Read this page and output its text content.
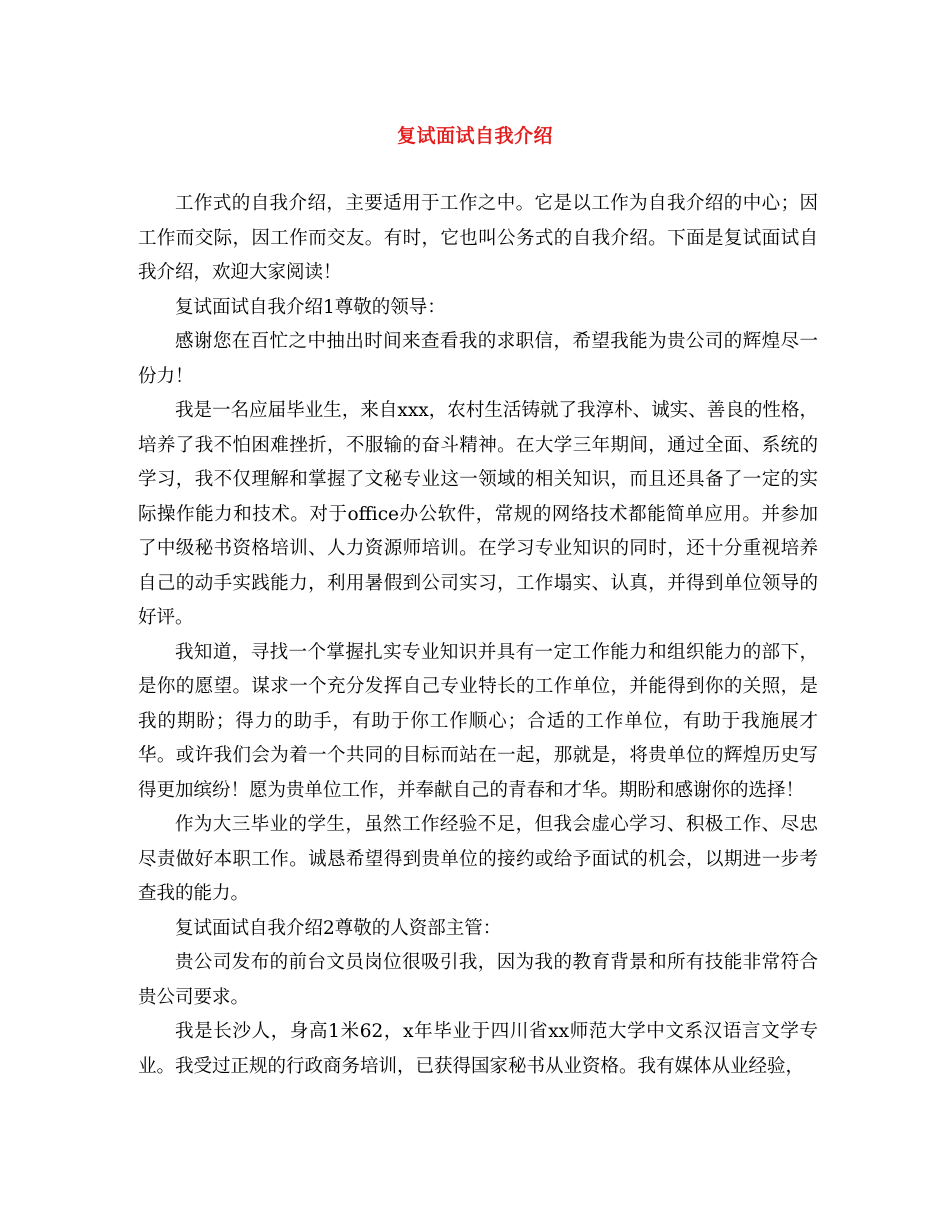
复试面试自我介绍

工作式的自我介绍，主要适用于工作之中。它是以工作为自我介绍的中心；因工作而交际，因工作而交友。有时，它也叫公务式的自我介绍。下面是复试面试自我介绍，欢迎大家阅读！

复试面试自我介绍1尊敬的领导：

感谢您在百忙之中抽出时间来查看我的求职信，希望我能为贵公司的辉煌尽一份力！

我是一名应届毕业生，来自xxx，农村生活铸就了我淳朴、诚实、善良的性格，培养了我不怕困难挫折，不服输的奋斗精神。在大学三年期间，通过全面、系统的学习，我不仅理解和掌握了文秘专业这一领域的相关知识，而且还具备了一定的实际操作能力和技术。对于office办公软件，常规的网络技术都能简单应用。并参加了中级秘书资格培训、人力资源师培训。在学习专业知识的同时，还十分重视培养自己的动手实践能力，利用暑假到公司实习，工作塌实、认真，并得到单位领导的好评。

我知道，寻找一个掌握扎实专业知识并具有一定工作能力和组织能力的部下，是你的愿望。谋求一个充分发挥自己专业特长的工作单位，并能得到你的关照，是我的期盼；得力的助手，有助于你工作顺心；合适的工作单位，有助于我施展才华。或许我们会为着一个共同的目标而站在一起，那就是，将贵单位的辉煌历史写得更加缤纷！愿为贵单位工作，并奉献自己的青春和才华。期盼和感谢你的选择！

作为大三毕业的学生，虽然工作经验不足，但我会虚心学习、积极工作、尽忠尽责做好本职工作。诚恳希望得到贵单位的接约或给予面试的机会，以期进一步考查我的能力。

复试面试自我介绍2尊敬的人资部主管：

贵公司发布的前台文员岗位很吸引我，因为我的教育背景和所有技能非常符合贵公司要求。

我是长沙人，身高1米62，x年毕业于四川省xx师范大学中文系汉语言文学专业。我受过正规的行政商务培训，已获得国家秘书从业资格。我有媒体从业经验，
